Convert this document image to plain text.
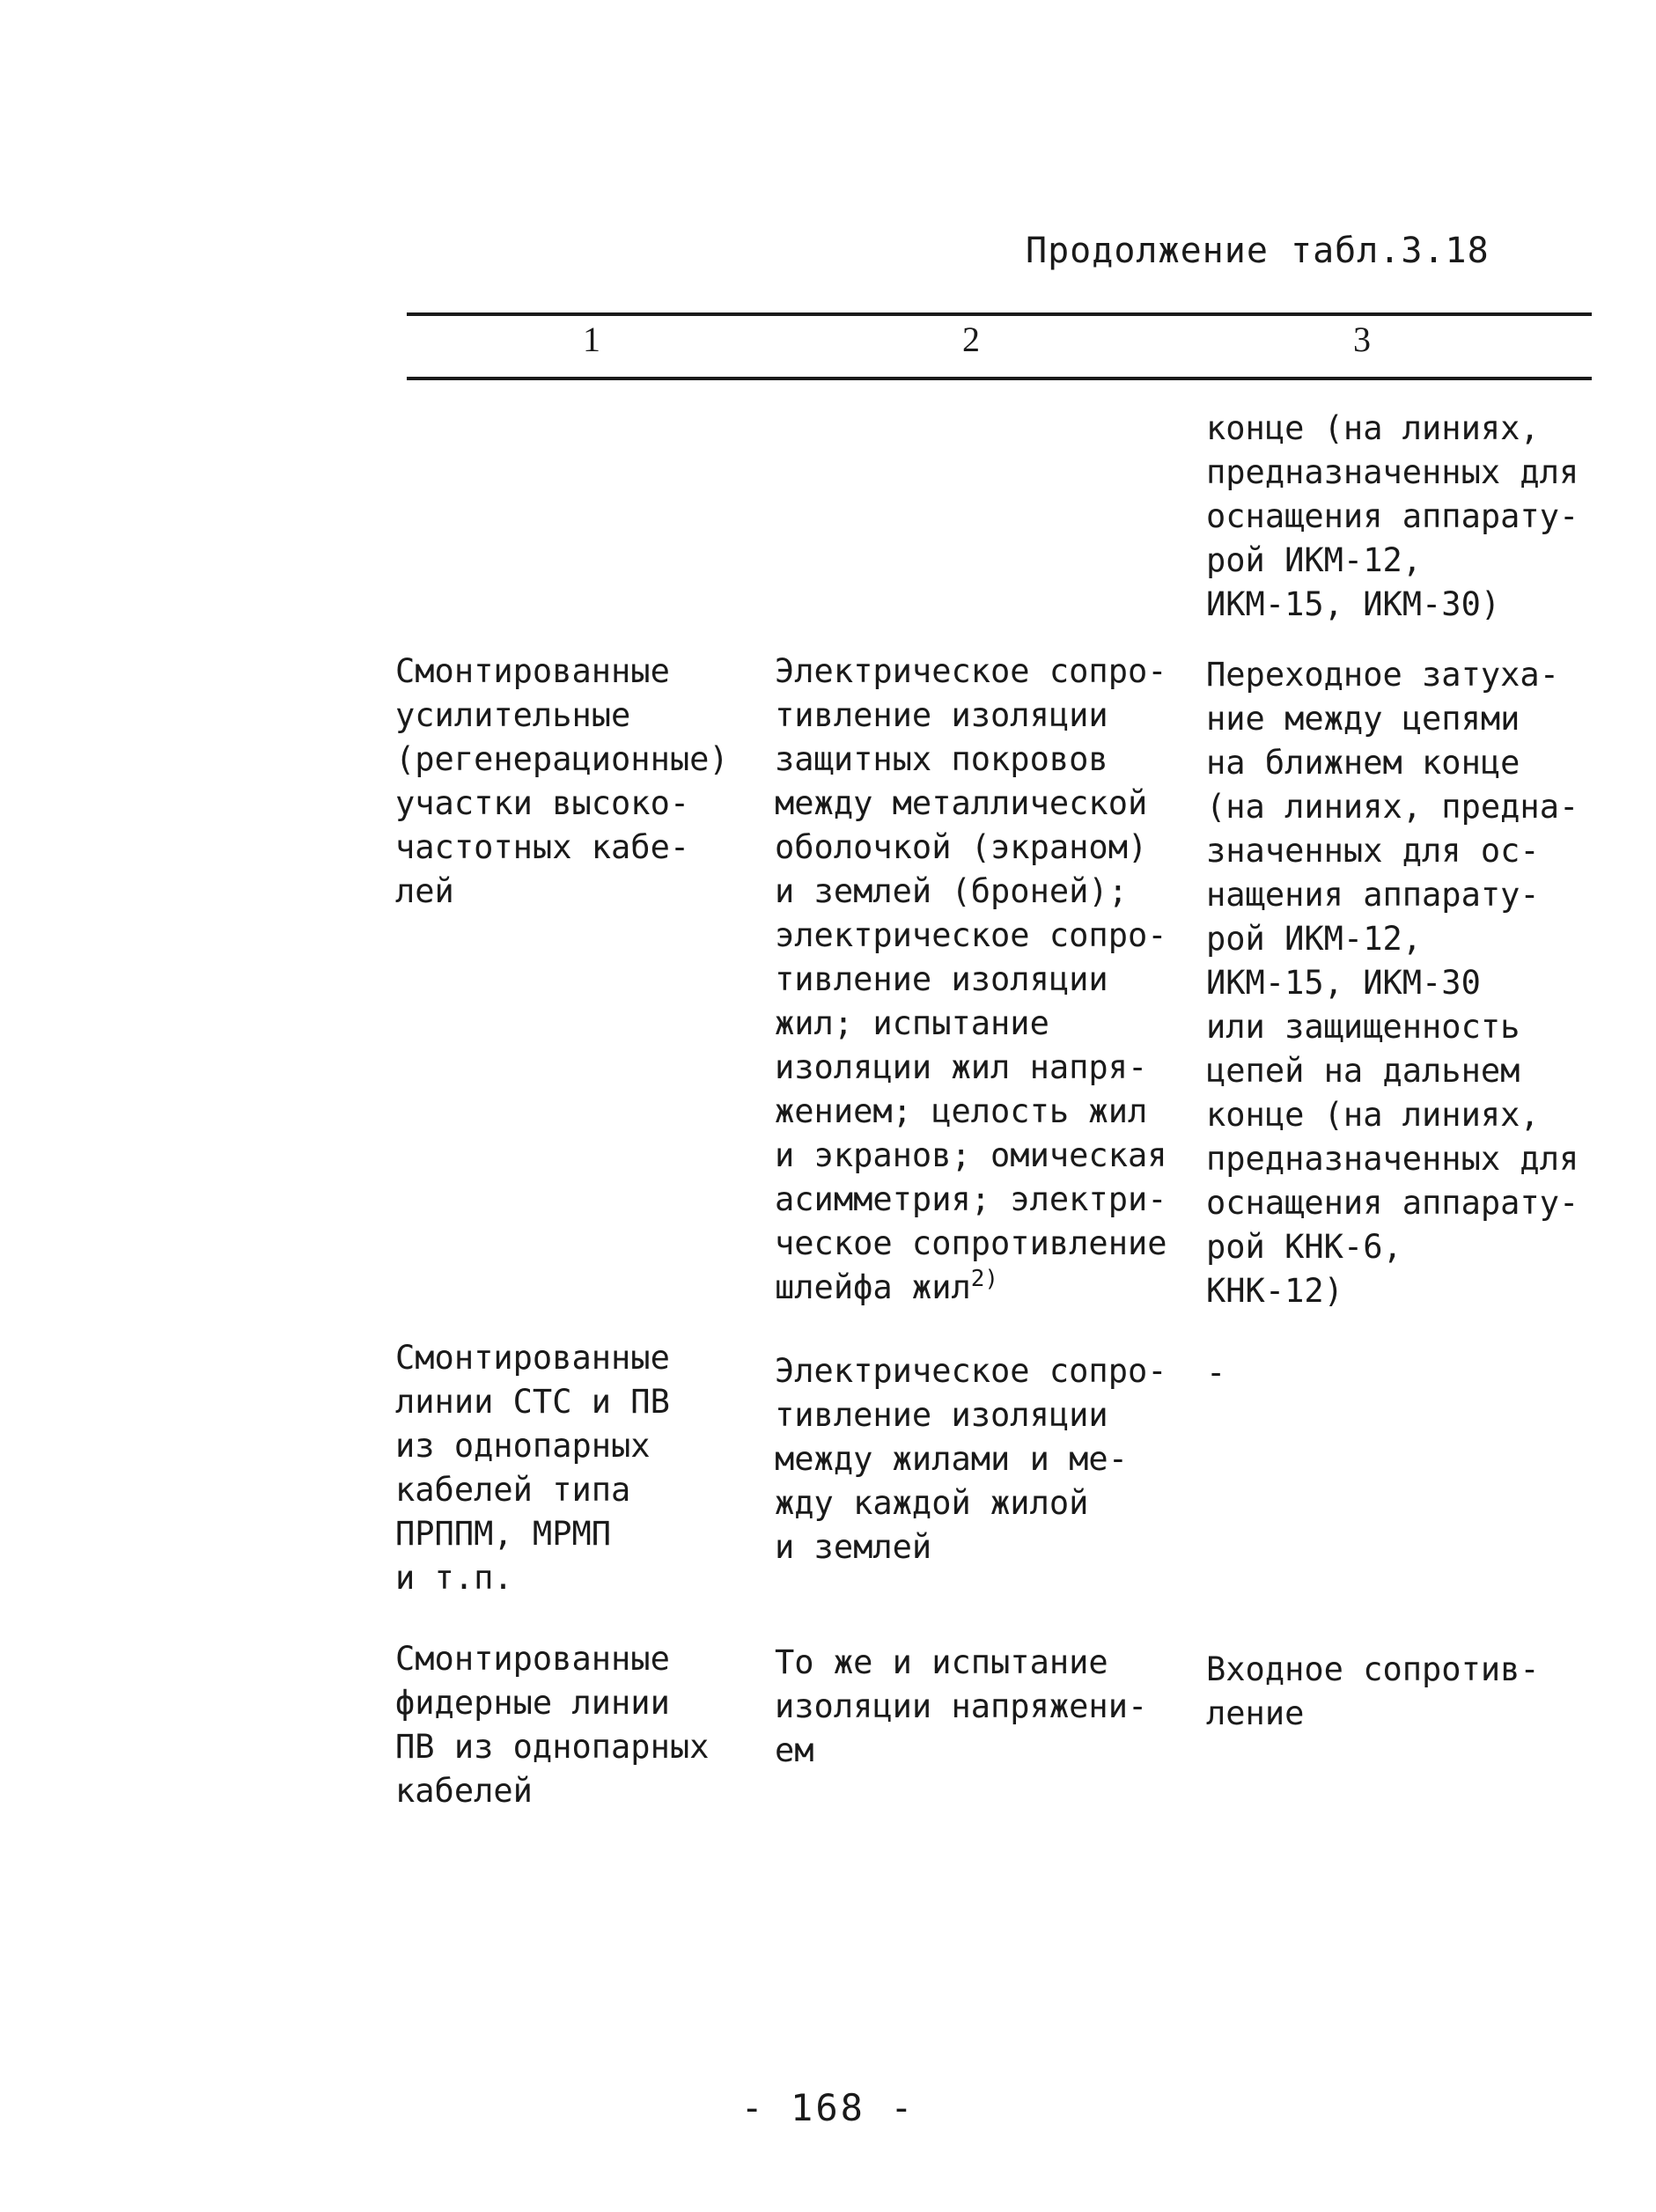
Продолжение табл.3.18
1	2	3
конце (на линиях,
предназначенных для
оснащения аппарату-
рой ИКМ-12,
ИКМ-15, ИКМ-30)
Смонтированные
усилительные
(регенерационные)
участки высоко-
частотных кабе-
лей
Электрическое сопро-
тивление изоляции
защитных покровов
между металлической
оболочкой (экраном)
и землей (броней);
электрическое сопро-
тивление изоляции
жил; испытание
изоляции жил напря-
жением; целость жил
и экранов; омическая
асимметрия; электри-
ческое сопротивление
шлейфа жил$^{2)}$
Переходное затуха-
ние между цепями
на ближнем конце
(на линиях, предна-
значенных для ос-
нащения аппарату-
рой ИКМ-12,
ИКМ-15, ИКМ-30
или защищенность
цепей на дальнем
конце (на линиях,
предназначенных для
оснащения аппарату-
рой КНК-6,
КНК-12)
Смонтированные
линии СТС и ПВ
из однопарных
кабелей типа
ПРППМ, МРМП
и т.п.
Электрическое сопро-
тивление изоляции
между жилами и ме-
жду каждой жилой
и землей
-
Смонтированные
фидерные линии
ПВ из однопарных
кабелей
То же и испытание
изоляции напряжени-
ем
Входное сопротив-
ление
- 168 -
